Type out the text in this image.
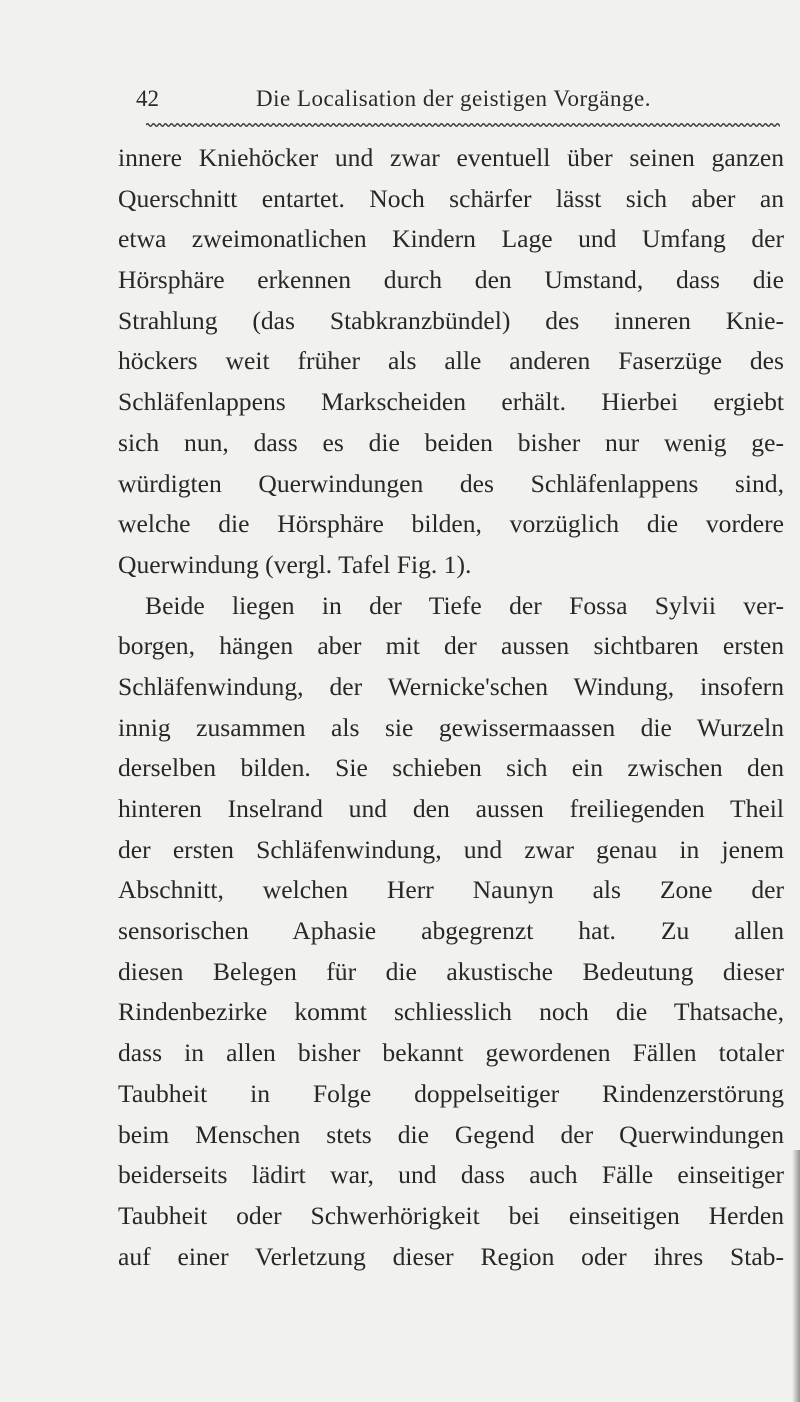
42	Die Localisation der geistigen Vorgänge.
innere Kniehöcker und zwar eventuell über seinen ganzen
Querschnitt entartet. Noch schärfer lässt sich aber an
etwa zweimonatlichen Kindern Lage und Umfang der
Hörsphäre erkennen durch den Umstand, dass die
Strahlung (das Stabkranzbündel) des inneren Knie-
höckers weit früher als alle anderen Faserzüge des
Schläfenlappens Markscheiden erhält. Hierbei ergiebt
sich nun, dass es die beiden bisher nur wenig ge-
würdigten Querwindungen des Schläfenlappens sind,
welche die Hörsphäre bilden, vorzüglich die vordere
Querwindung (vergl. Tafel Fig. 1).
Beide liegen in der Tiefe der Fossa Sylvii ver-
borgen, hängen aber mit der aussen sichtbaren ersten
Schläfenwindung, der Wernicke'schen Windung, insofern
innig zusammen als sie gewissermaassen die Wurzeln
derselben bilden. Sie schieben sich ein zwischen den
hinteren Inselrand und den aussen freiliegenden Theil
der ersten Schläfenwindung, und zwar genau in jenem
Abschnitt, welchen Herr Naunyn als Zone der
sensorischen Aphasie abgegrenzt hat. Zu allen
diesen Belegen für die akustische Bedeutung dieser
Rindenbezirke kommt schliesslich noch die Thatsache,
dass in allen bisher bekannt gewordenen Fällen totaler
Taubheit in Folge doppelseitiger Rindenzerstörung
beim Menschen stets die Gegend der Querwindungen
beiderseits lädirt war, und dass auch Fälle einseitiger
Taubheit oder Schwerhörigkeit bei einseitigen Herden
auf einer Verletzung dieser Region oder ihres Stab-
